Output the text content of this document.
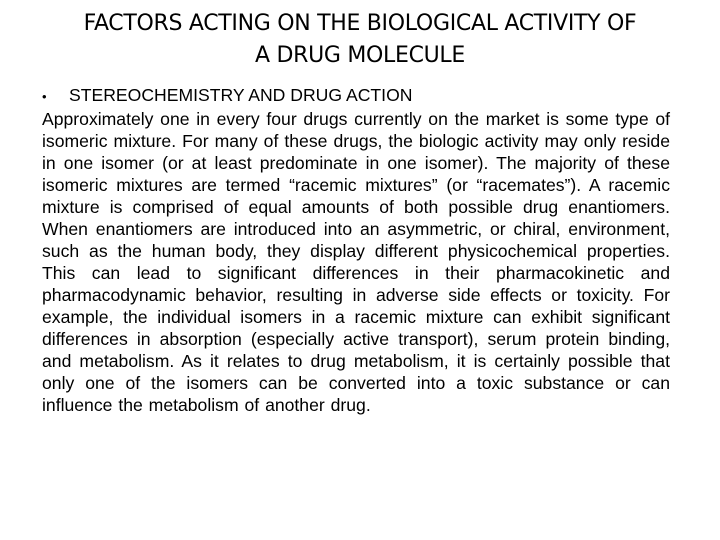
FACTORS ACTING ON THE BIOLOGICAL ACTIVITY OF
A DRUG MOLECULE
•	STEREOCHEMISTRY AND DRUG ACTION

Approximately one in every four drugs currently on the market is some type of isomeric mixture. For many of these drugs, the biologic activity may only reside in one isomer (or at least predominate in one isomer). The majority of these isomeric mixtures are termed “racemic mixtures” (or “racemates”). A racemic mixture is comprised of equal amounts of both possible drug enantiomers. When enantiomers are introduced into an asymmetric, or chiral, environment, such as the human body, they display different physicochemical properties. This can lead to significant differences in their pharmacokinetic and pharmacodynamic behavior, resulting in adverse side effects or toxicity. For example, the individual isomers in a racemic mixture can exhibit significant differences in absorption (especially active transport), serum protein binding, and metabolism. As it relates to drug metabolism, it is certainly possible that only one of the isomers can be converted into a toxic substance or can influence the metabolism of another drug.
